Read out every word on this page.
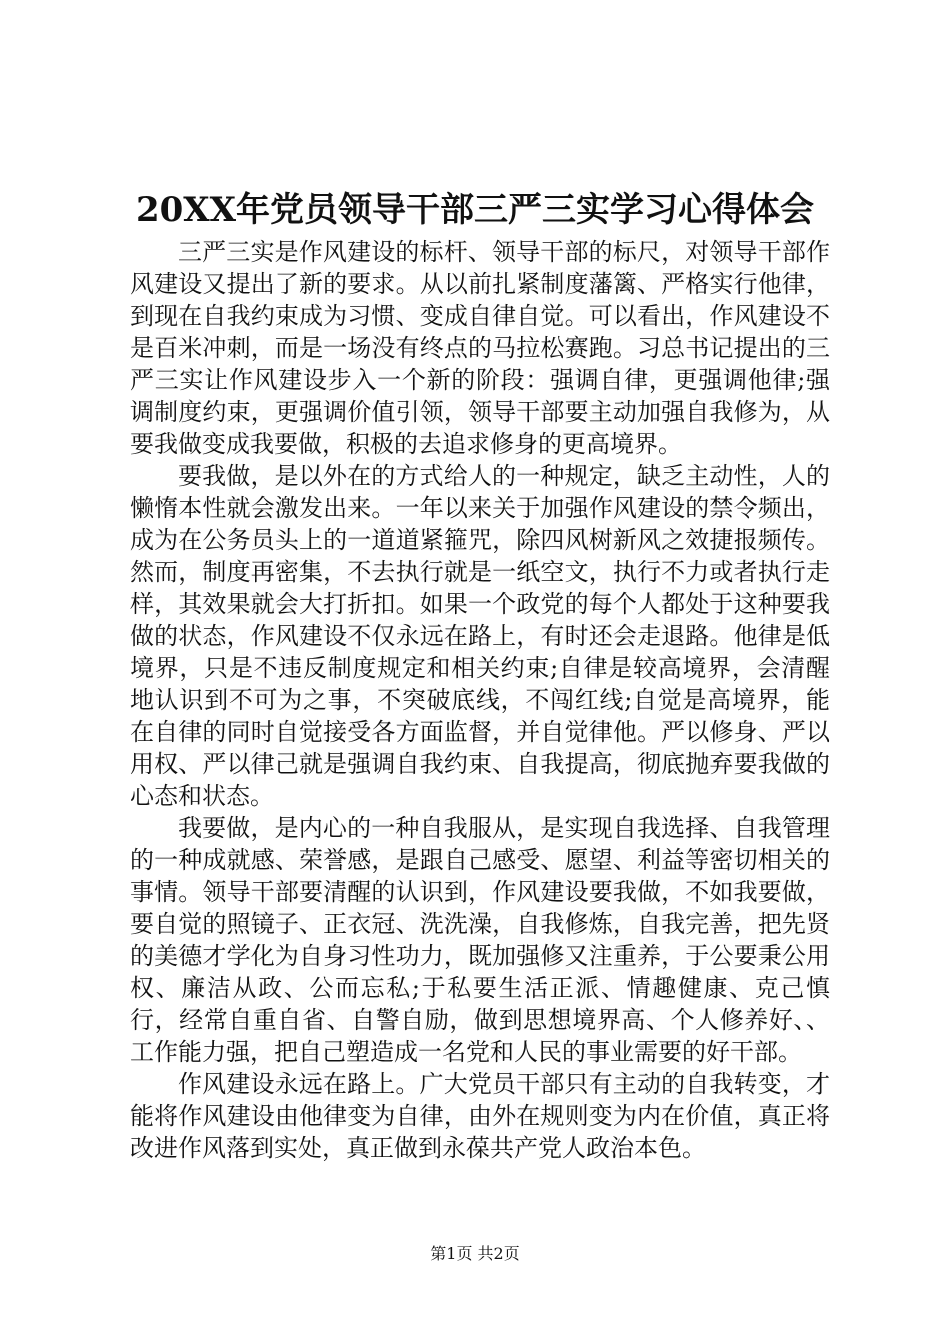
20XX年党员领导干部三严三实学习心得体会

三严三实是作风建设的标杆、领导干部的标尺，对领导干部作风建设又提出了新的要求。从以前扎紧制度藩篱、严格实行他律，到现在自我约束成为习惯、变成自律自觉。可以看出，作风建设不是百米冲刺，而是一场没有终点的马拉松赛跑。习总书记提出的三严三实让作风建设步入一个新的阶段：强调自律，更强调他律;强调制度约束，更强调价值引领，领导干部要主动加强自我修为，从要我做变成我要做，积极的去追求修身的更高境界。

要我做，是以外在的方式给人的一种规定，缺乏主动性，人的懒惰本性就会激发出来。一年以来关于加强作风建设的禁令频出，成为在公务员头上的一道道紧箍咒，除四风树新风之效捷报频传。然而，制度再密集，不去执行就是一纸空文，执行不力或者执行走样，其效果就会大打折扣。如果一个政党的每个人都处于这种要我做的状态，作风建设不仅永远在路上，有时还会走退路。他律是低境界，只是不违反制度规定和相关约束;自律是较高境界，会清醒地认识到不可为之事，不突破底线，不闯红线;自觉是高境界，能在自律的同时自觉接受各方面监督，并自觉律他。严以修身、严以用权、严以律己就是强调自我约束、自我提高，彻底抛弃要我做的心态和状态。

我要做，是内心的一种自我服从，是实现自我选择、自我管理的一种成就感、荣誉感，是跟自己感受、愿望、利益等密切相关的事情。领导干部要清醒的认识到，作风建设要我做，不如我要做，要自觉的照镜子、正衣冠、洗洗澡，自我修炼，自我完善，把先贤的美德才学化为自身习性功力，既加强修又注重养，于公要秉公用权、廉洁从政、公而忘私;于私要生活正派、情趣健康、克己慎行，经常自重自省、自警自励，做到思想境界高、个人修养好、、工作能力强，把自己塑造成一名党和人民的事业需要的好干部。

作风建设永远在路上。广大党员干部只有主动的自我转变，才能将作风建设由他律变为自律，由外在规则变为内在价值，真正将改进作风落到实处，真正做到永葆共产党人政治本色。

第1页 共2页
